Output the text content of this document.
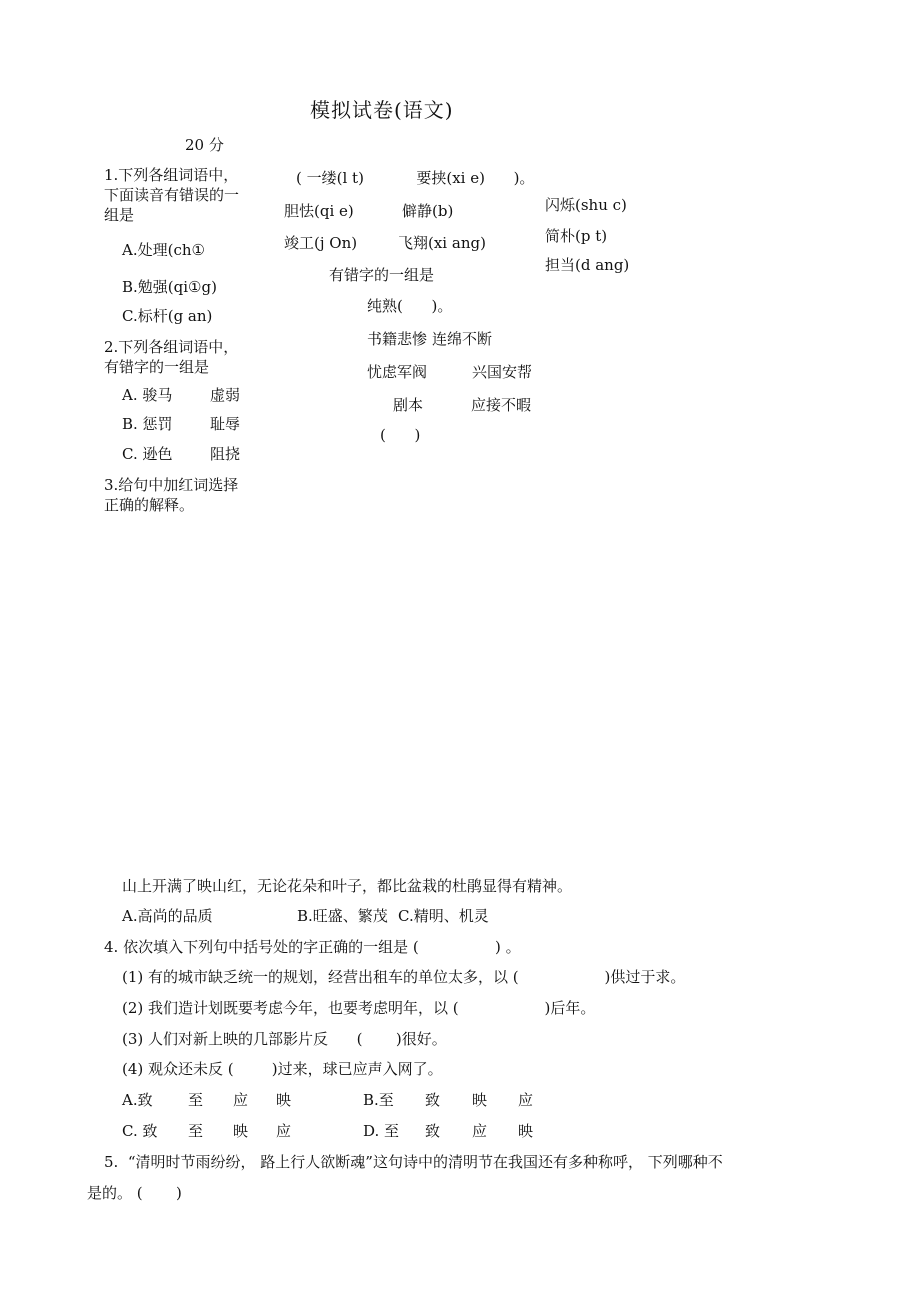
模拟试卷(语文)
20 分
1.下列各组词语中，下面读音有错误的一组是
A.处理(ch①
B.勉强(qi①g)
C.标杆(g an)
( 一缕(l t)           要挟(xi e)      )。
胆怯(qi e)	僻静(b)
竣工(j On)	飞翔(xi ang)
闪烁(shu c)
简朴(p t)
担当(d ang)
2.下列各组词语中，有错字的一组是
A. 骏马	虚弱
B. 惩罚 耻辱
C. 逊色	阻挠
有错字的一组是
纯熟(      )。
书籍悲惨 连绵不断
忧虑军阀	兴国安帮
剧本	应接不暇
(      )
3.给句中加红词选择正确的解释。
山上开满了映山红，无论花朵和叶子，都比盆栽的杜鹃显得有精神。
A.高尚的品质	B.旺盛、繁茂 C.精明、机灵
4. 依次填入下列句中括号处的字正确的一组是 (                ) 。
(1) 有的城市缺乏统一的规划，经营出租车的单位太多，以 (                  )供过于求。
(2) 我们造计划既要考虑今年，也要考虑明年，以 (                  )后年。
(3) 人们对新上映的几部影片反      (       )很好。
(4) 观众还未反 (        )过来，球已应声入网了。
A.致 至 应 映	B.至 致 映 应
C. 致 至 映 应	D. 至 致 应 映
5.  “清明时节雨纷纷， 路上行人欲断魂”这句诗中的清明节在我国还有多种称呼， 下列哪种不
是的。 (       )
